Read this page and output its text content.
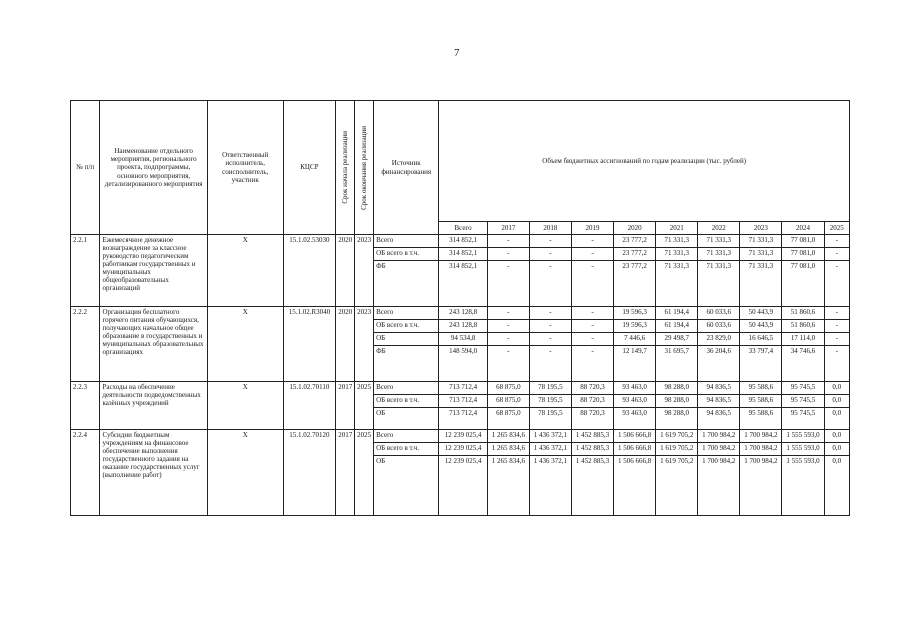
7
№ п/п	Наименование отдельного мероприятия, регионального проекта, подпрограммы, основного мероприятия, детализированного мероприятия	Ответственный исполнитель, соисполнитель, участник	КЦСР	Срок начала реализации	Срок окончания реализации	Источник финансирования	Объем бюджетных ассигнований по годам реализации (тыс. рублей)									
							Всего	2017	2018	2019	2020	2021	2022	2023	2024	2025
2.2.1	Ежемесячное денежное вознаграждение за классное руководство педагогическим работникам государственных и муниципальных общеобразовательных организаций	Х	15.1.02.53030	2020	2023	Всего	314 852,1	-	-	-	23 777,2	71 331,3	71 331,3	71 331,3	77 081,0	-
						ОБ всего в т.ч.	314 852,1	-	-	-	23 777,2	71 331,3	71 331,3	71 331,3	77 081,0	-
						ФБ	314 852,1	-	-	-	23 777,2	71 331,3	71 331,3	71 331,3	77 081,0	-
2.2.2	Организация бесплатного горячего питания обучающихся, получающих начальное общее образование в государственных и муниципальных образовательных организациях	Х	15.1.02.R3040	2020	2023	Всего	243 128,8	-	-	-	19 596,3	61 194,4	60 033,6	50 443,9	51 860,6	-
						ОБ всего в т.ч.	243 128,8	-	-	-	19 596,3	61 194,4	60 033,6	50 443,9	51 860,6	-
						ОБ	94 534,8	-	-	-	7 446,6	29 498,7	23 829,0	16 646,5	17 114,0	-
						ФБ	148 594,0	-	-	-	12 149,7	31 695,7	36 204,6	33 797,4	34 746,6	-
2.2.3	Расходы на обеспечение деятельности подведомственных казённых учреждений	Х	15.1.02.70110	2017	2025	Всего	713 712,4	68 875,0	78 195,5	88 720,3	93 463,0	98 288,0	94 836,5	95 588,6	95 745,5	0,0
						ОБ всего в т.ч.	713 712,4	68 875,0	78 195,5	88 720,3	93 463,0	98 288,0	94 836,5	95 588,6	95 745,5	0,0
						ОБ	713 712,4	68 875,0	78 195,5	88 720,3	93 463,0	98 288,0	94 836,5	95 588,6	95 745,5	0,0
2.2.4	Субсидии бюджетным учреждениям на финансовое обеспечение выполнения государственного задания на оказание государственных услуг (выполнение работ)	Х	15.1.02.70120	2017	2025	Всего	12 239 025,4	1 265 834,6	1 436 372,1	1 452 885,3	1 506 666,8	1 619 705,2	1 700 984,2	1 700 984,2	1 555 593,0	0,0
						ОБ всего в т.ч.	12 239 025,4	1 265 834,6	1 436 372,1	1 452 885,3	1 506 666,8	1 619 705,2	1 700 984,2	1 700 984,2	1 555 593,0	0,0
						ОБ	12 239 025,4	1 265 834,6	1 436 372,1	1 452 885,3	1 506 666,8	1 619 705,2	1 700 984,2	1 700 984,2	1 555 593,0	0,0
